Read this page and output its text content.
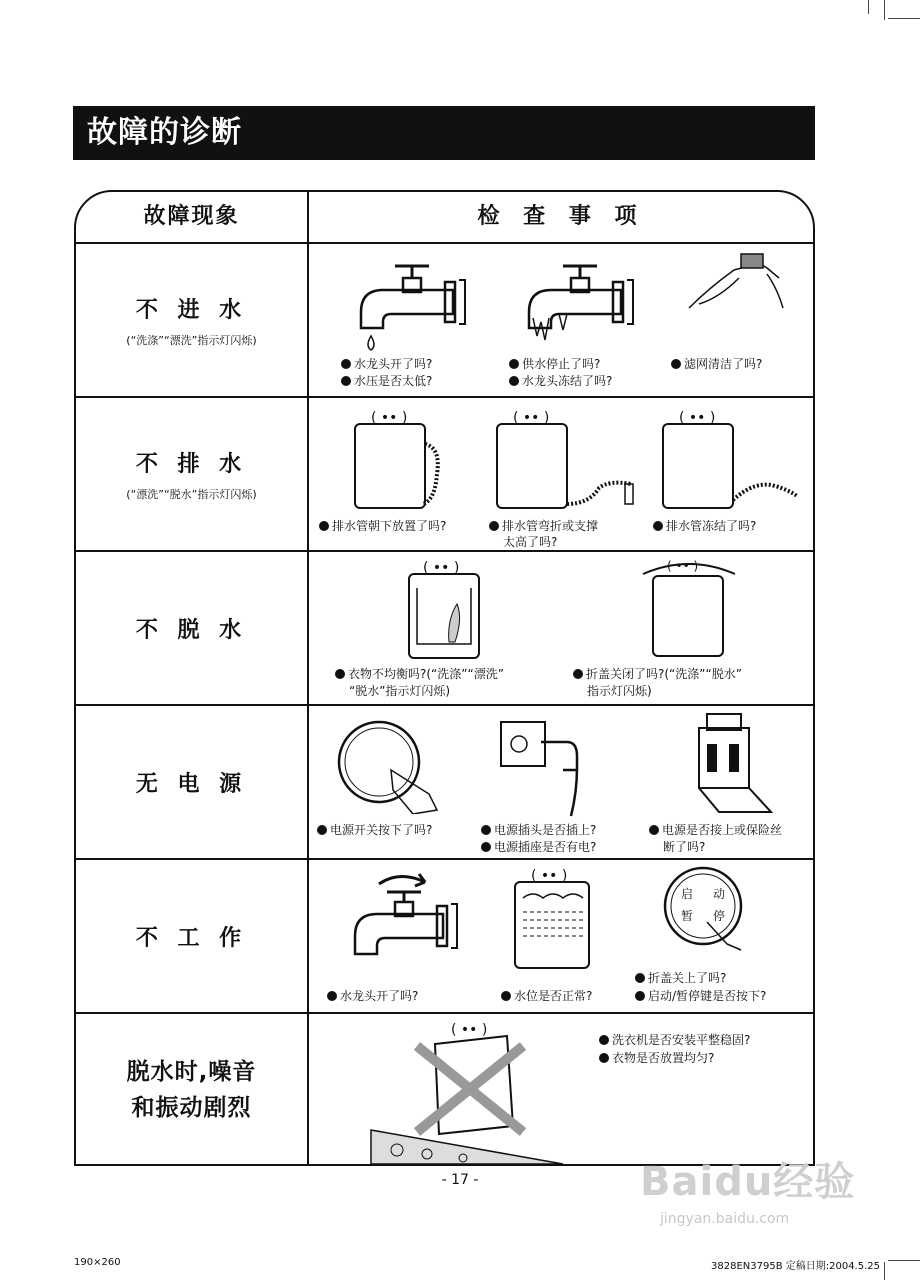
故障的诊断
故障现象	检 查 事 项
不 进 水
(“洗涤”“漂洗”指示灯闪烁)
水龙头开了吗?
水压是否太低?
供水停止了吗?
水龙头冻结了吗?
滤网清洁了吗?
不 排 水
(“漂洗”“脱水”指示灯闪烁)
( •• )	( •• )	( •• )
排水管朝下放置了吗?	排水管弯折或支撑
太高了吗?
排水管冻结了吗?
不 脱 水
( •• )	( •• )
衣物不均衡吗?(“洗涤”“漂洗”
“脱水”指示灯闪烁)
折盖关闭了吗?(“洗涤”“脱水”
指示灯闪烁)
无 电 源
电源开关按下了吗?	电源插头是否插上?
电源插座是否有电?
电源是否接上或保险丝
断了吗?
不 工 作
( •• )
启 动
暂 停
水龙头开了吗?	水位是否正常?
折盖关上了吗?
启动/暂停键是否按下?
脱水时,噪音
和振动剧烈
( •• )
洗衣机是否安装平整稳固?
衣物是否放置均匀?
- 17 -	Baidu经验
jingyan.baidu.com
190×260	3828EN3795B 定稿日期:2004.5.25
